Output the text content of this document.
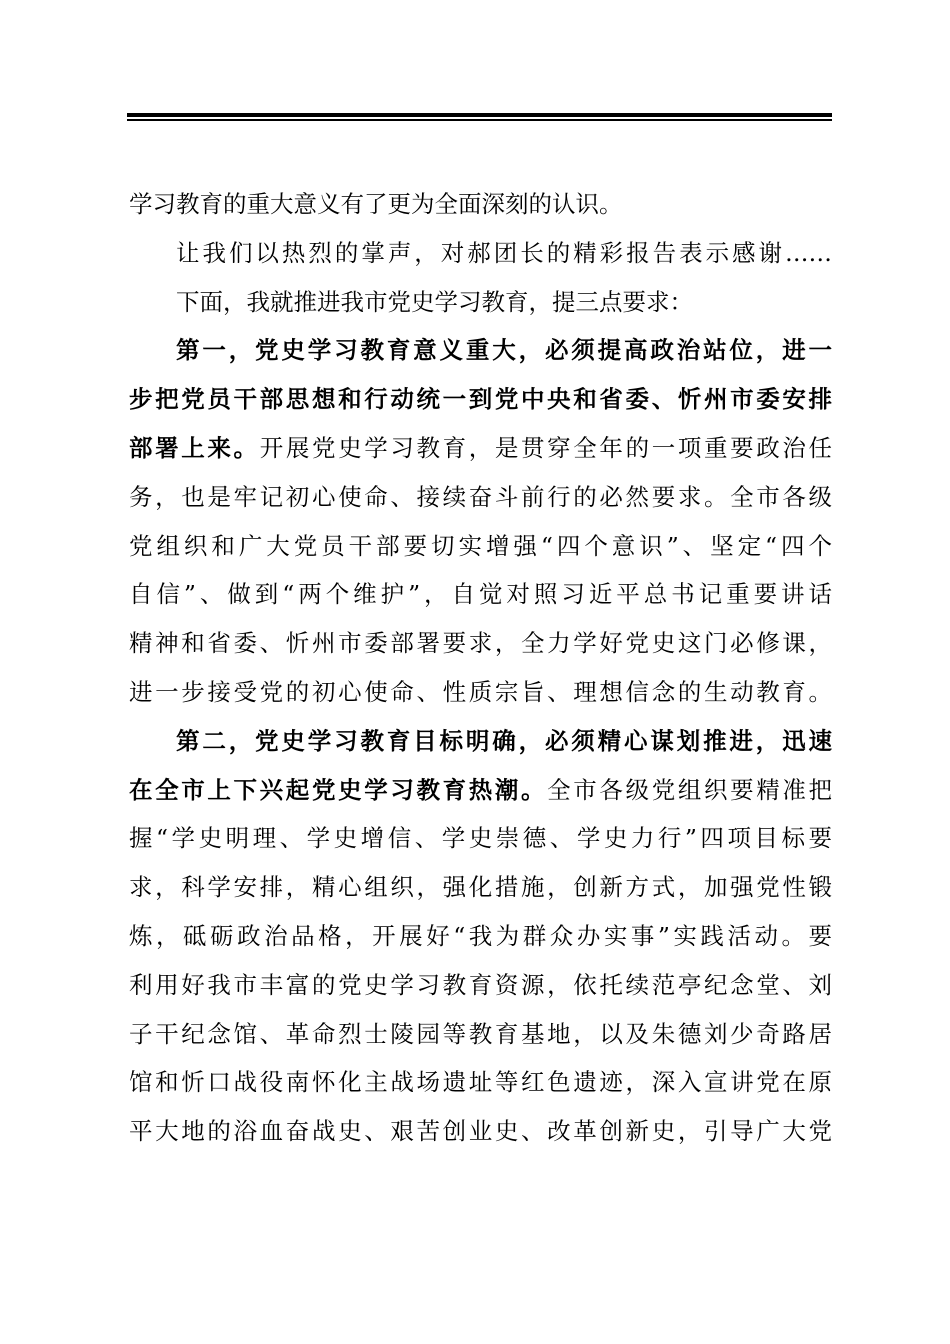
学习教育的重大意义有了更为全面深刻的认识。
让我们以热烈的掌声，对郝团长的精彩报告表示感谢……
下面，我就推进我市党史学习教育，提三点要求：
第一，党史学习教育意义重大，必须提高政治站位，进一
步把党员干部思想和行动统一到党中央和省委、忻州市委安排
部署上来。开展党史学习教育，是贯穿全年的一项重要政治任
务，也是牢记初心使命、接续奋斗前行的必然要求。全市各级
党组织和广大党员干部要切实增强“四个意识”、坚定“四个
自信”、做到“两个维护”，自觉对照习近平总书记重要讲话
精神和省委、忻州市委部署要求，全力学好党史这门必修课，
进一步接受党的初心使命、性质宗旨、理想信念的生动教育。
第二，党史学习教育目标明确，必须精心谋划推进，迅速
在全市上下兴起党史学习教育热潮。全市各级党组织要精准把
握“学史明理、学史增信、学史崇德、学史力行”四项目标要
求，科学安排，精心组织，强化措施，创新方式，加强党性锻
炼，砥砺政治品格，开展好“我为群众办实事”实践活动。要
利用好我市丰富的党史学习教育资源，依托续范亭纪念堂、刘
子干纪念馆、革命烈士陵园等教育基地，以及朱德刘少奇路居
馆和忻口战役南怀化主战场遗址等红色遗迹，深入宣讲党在原
平大地的浴血奋战史、艰苦创业史、改革创新史，引导广大党
